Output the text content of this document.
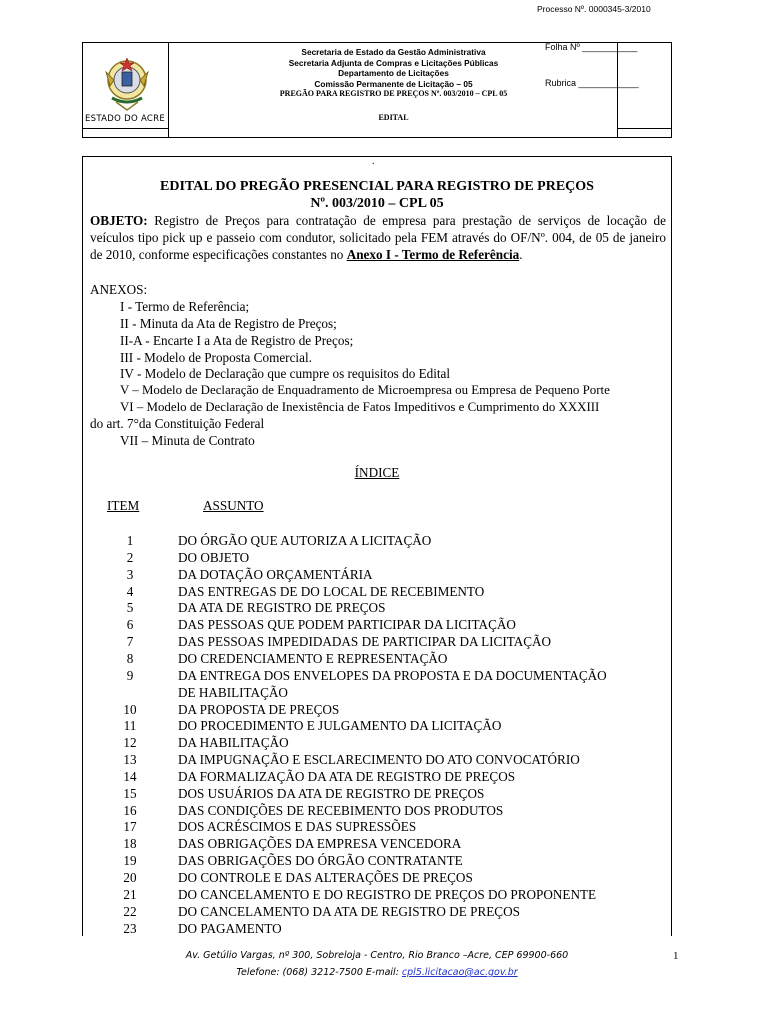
Secretaria de Estado da Gestão Administrativa
Secretaria Adjunta de Compras e Licitações Públicas
Departamento de Licitações
Comissão Permanente de Licitação – 05
PREGÃO PARA REGISTRO DE PREÇOS Nº. 003/2010 – CPL 05
EDITAL
ESTADO DO ACRE
Processo Nº. 0000345-3/2010
Folha Nº ___________
Rubrica ____________
.
EDITAL DO PREGÃO PRESENCIAL PARA REGISTRO DE PREÇOS
Nº. 003/2010 – CPL 05
OBJETO: Registro de Preços para contratação de empresa para prestação de serviços de locação de veículos tipo pick up e passeio com condutor, solicitado pela FEM através do OF/Nº. 004, de 05 de janeiro de 2010, conforme especificações constantes no Anexo I - Termo de Referência.
ANEXOS:
I - Termo de Referência;
II - Minuta da Ata de Registro de Preços;
II-A - Encarte I a Ata de Registro de Preços;
III - Modelo de Proposta Comercial.
IV - Modelo de Declaração que cumpre os requisitos do Edital
V – Modelo de Declaração de Enquadramento de Microempresa ou Empresa de Pequeno Porte
VI – Modelo de Declaração de Inexistência de Fatos Impeditivos e Cumprimento do XXXIII
do art. 7°da Constituição Federal
VII – Minuta de Contrato
ÍNDICE
ITEM	ASSUNTO
1	DO ÓRGÃO QUE AUTORIZA A LICITAÇÃO
2	DO OBJETO
3	DA DOTAÇÃO ORÇAMENTÁRIA
4	DAS ENTREGAS DE DO LOCAL DE RECEBIMENTO
5	DA ATA DE REGISTRO DE PREÇOS
6	DAS PESSOAS QUE PODEM PARTICIPAR DA LICITAÇÃO
7	DAS PESSOAS IMPEDIDADAS DE PARTICIPAR DA LICITAÇÃO
8	DO CREDENCIAMENTO E REPRESENTAÇÃO
9	DA ENTREGA DOS ENVELOPES DA PROPOSTA E DA DOCUMENTAÇÃO
DE HABILITAÇÃO
10	DA PROPOSTA DE PREÇOS
11	DO PROCEDIMENTO E JULGAMENTO DA LICITAÇÃO
12	DA HABILITAÇÃO
13	DA IMPUGNAÇÃO E ESCLARECIMENTO DO ATO CONVOCATÓRIO
14	DA FORMALIZAÇÃO DA ATA DE REGISTRO DE PREÇOS
15	DOS USUÁRIOS DA ATA DE REGISTRO DE PREÇOS
16	DAS CONDIÇÕES DE RECEBIMENTO DOS PRODUTOS
17	DOS ACRÉSCIMOS E DAS SUPRESSÕES
18	DAS OBRIGAÇÕES DA EMPRESA VENCEDORA
19	DAS OBRIGAÇÕES DO ÓRGÃO CONTRATANTE
20	DO CONTROLE E DAS ALTERAÇÕES DE PREÇOS
21	DO CANCELAMENTO E DO REGISTRO DE PREÇOS DO PROPONENTE
22	DO CANCELAMENTO DA ATA DE REGISTRO DE PREÇOS
23	DO PAGAMENTO
Av. Getúlio Vargas, nº 300, Sobreloja - Centro, Rio Branco –Acre, CEP 69900-660
Telefone: (068) 3212-7500 E-mail: cpl5.licitacao@ac.gov.br
1
